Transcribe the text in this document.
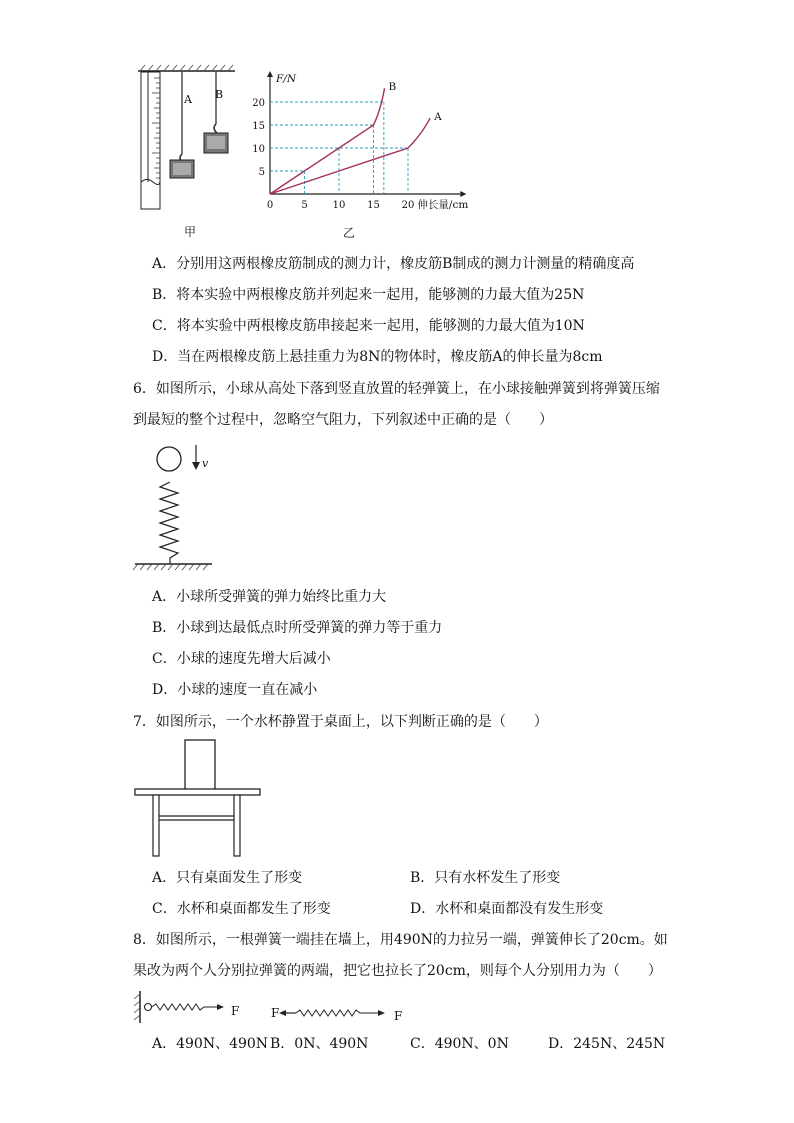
A B
甲
0	5 10 15 20
5
10
15
20
伸长量/cm
F/N
A
B
乙
A．分别用这两根橡皮筋制成的测力计，橡皮筋B制成的测力计测量的精确度高
B．将本实验中两根橡皮筋并列起来一起用，能够测的力最大值为25N
C．将本实验中两根橡皮筋串接起来一起用，能够测的力最大值为10N
D．当在两根橡皮筋上悬挂重力为8N的物体时，橡皮筋A的伸长量为8cm
6．如图所示，小球从高处下落到竖直放置的轻弹簧上，在小球接触弹簧到将弹簧压缩
到最短的整个过程中，忽略空气阻力，下列叙述中正确的是（　　）
v
A．小球所受弹簧的弹力始终比重力大
B．小球到达最低点时所受弹簧的弹力等于重力
C．小球的速度先增大后减小
D．小球的速度一直在减小
7．如图所示，一个水杯静置于桌面上，以下判断正确的是（　　）
A．只有桌面发生了形变	B．只有水杯发生了形变
C．水杯和桌面都发生了形变	D．水杯和桌面都没有发生形变
8．如图所示，一根弹簧一端挂在墙上，用490N的力拉另一端，弹簧伸长了20cm。如
果改为两个人分别拉弹簧的两端，把它也拉长了20cm，则每个人分别用力为（　　）
F	F	F
A．490N、490N B．0N、490N	C．490N、0N	D．245N、245N
